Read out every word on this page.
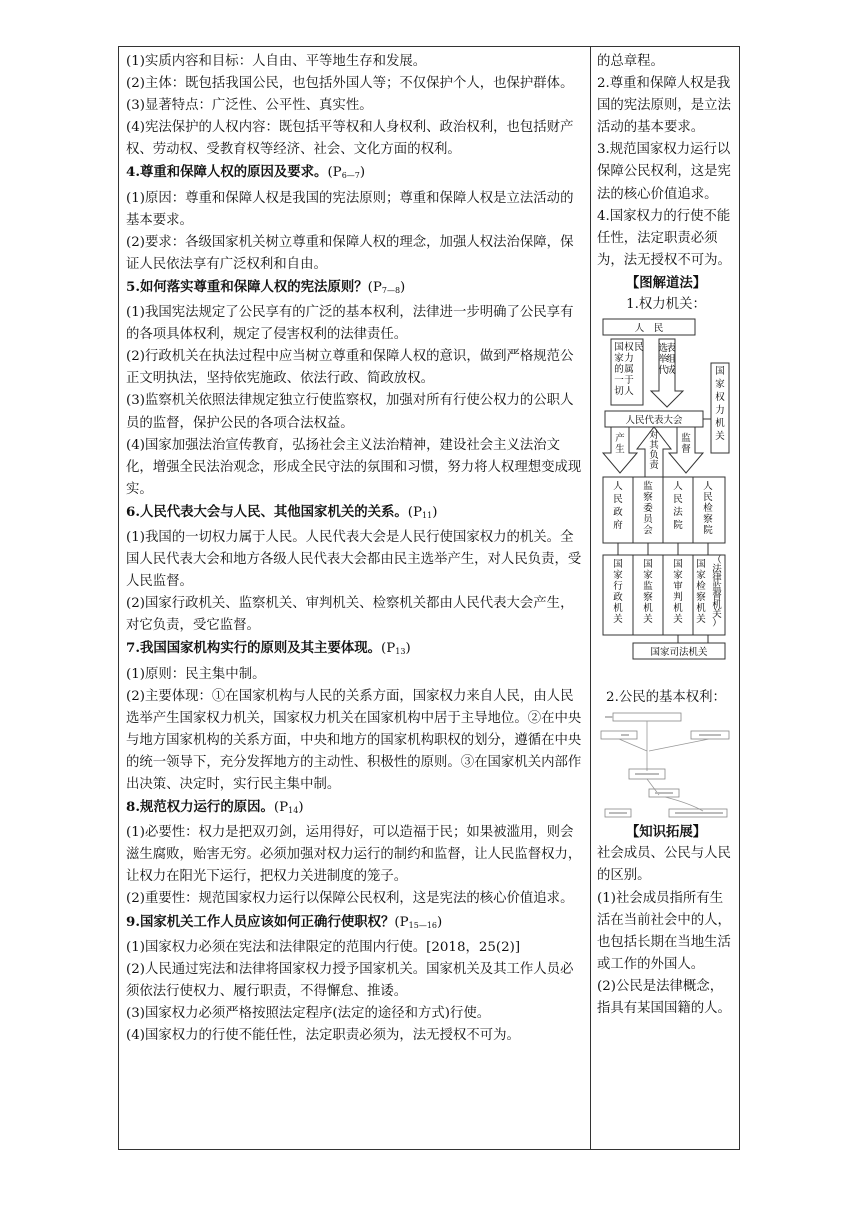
(1)实质内容和目标：人自由、平等地生存和发展。

(2)主体：既包括我国公民，也包括外国人等；不仅保护个人，也保护群体。

(3)显著特点：广泛性、公平性、真实性。

(4)宪法保护的人权内容：既包括平等权和人身权利、政治权利，也包括财产权、劳动权、受教育权等经济、社会、文化方面的权利。

4.尊重和保障人权的原因及要求。$(P_{6—7})$

(1)原因：尊重和保障人权是我国的宪法原则；尊重和保障人权是立法活动的基本要求。

(2)要求：各级国家机关树立尊重和保障人权的理念，加强人权法治保障，保证人民依法享有广泛权利和自由。

5.如何落实尊重和保障人权的宪法原则？$(P_{7—8})$

(1)我国宪法规定了公民享有的广泛的基本权利，法律进一步明确了公民享有的各项具体权利，规定了侵害权利的法律责任。

(2)行政机关在执法过程中应当树立尊重和保障人权的意识，做到严格规范公正文明执法，坚持依宪施政、依法行政、简政放权。

(3)监察机关依照法律规定独立行使监察权，加强对所有行使公权力的公职人员的监督，保护公民的各项合法权益。

(4)国家加强法治宣传教育，弘扬社会主义法治精神，建设社会主义法治文化，增强全民法治观念，形成全民守法的氛围和习惯，努力将人权理想变成现实。

6.人民代表大会与人民、其他国家机关的关系。$(P_{11})$

(1)我国的一切权力属于人民。人民代表大会是人民行使国家权力的机关。全国人民代表大会和地方各级人民代表大会都由民主选举产生，对人民负责，受人民监督。

(2)国家行政机关、监察机关、审判机关、检察机关都由人民代表大会产生，对它负责，受它监督。

7.我国国家机构实行的原则及其主要体现。$(P_{13})$

(1)原则：民主集中制。

(2)主要体现：①在国家机构与人民的关系方面，国家权力来自人民，由人民选举产生国家权力机关，国家权力机关在国家机构中居于主导地位。②在中央与地方国家机构的关系方面，中央和地方的国家机构职权的划分，遵循在中央的统一领导下，充分发挥地方的主动性、积极性的原则。③在国家机关内部作出决策、决定时，实行民主集中制。

8.规范权力运行的原因。$(P_{14})$

(1)必要性：权力是把双刃剑，运用得好，可以造福于民；如果被滥用，则会滋生腐败，贻害无穷。必须加强对权力运行的制约和监督，让人民监督权力，让权力在阳光下运行，把权力关进制度的笼子。

(2)重要性：规范国家权力运行以保障公民权利，这是宪法的核心价值追求。

9.国家机关工作人员应该如何正确行使职权？$(P_{15—16})$

(1)国家权力必须在宪法和法律限定的范围内行使。[2018，25(2)]

(2)人民通过宪法和法律将国家权力授予国家机关。国家机关及其工作人员必须依法行使权力、履行职责，不得懈怠、推诿。

(3)国家权力必须严格按照法定程序(法定的途径和方式)行使。

(4)国家权力的行使不能任性，法定职责必须为，法无授权不可为。

的总章程。

2.尊重和保障人权是我国的宪法原则，是立法活动的基本要求。

3.规范国家权力运行以保障公民权利，这是宪法的核心价值追求。

4.国家权力的行使不能任性，法定职责必须为，法无授权不可为。

【图解道法】

1.权力机关：

人　民
国
家
的
一
切
权
力
属
于
人
民 选
举
代
表
组
成	国
家
权
力
机
关
人民代表大会
产
生
对
其
负
责
监
督
人
民
政
府
监
察
委
员
会
人
民
法
院
人
民
检
察
院
国
家
行
政
机
关
国
家
监
察
机
关
国
家
审
判
机
关
国
家
检
察
机
关
（
法
律
监
督
机
关
）
国家司法机关

2.公民的基本权利：

【知识拓展】

社会成员、公民与人民的区别。

(1)社会成员指所有生活在当前社会中的人，也包括长期在当地生活或工作的外国人。

(2)公民是法律概念，指具有某国国籍的人。
